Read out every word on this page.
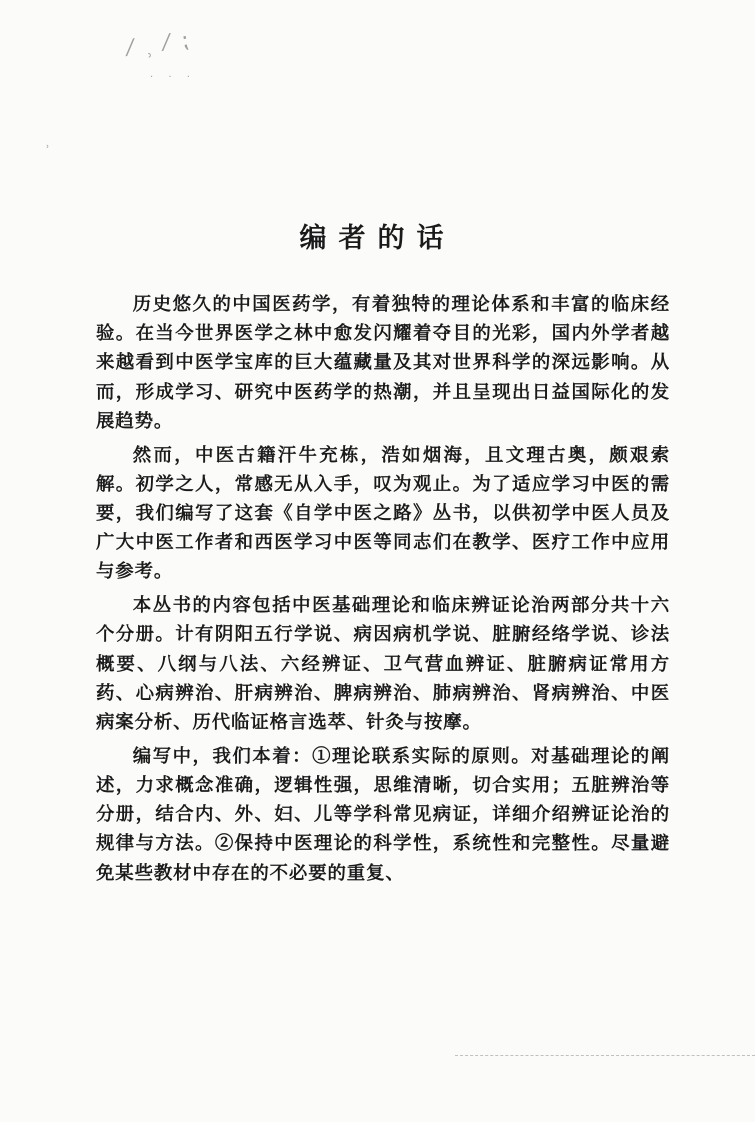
⁄ ⸒ ⁄ ⁏
· · ·
˒
编者的话

历史悠久的中国医药学，有着独特的理论体系和丰富的临床经验。在当今世界医学之林中愈发闪耀着夺目的光彩，国内外学者越来越看到中医学宝库的巨大蕴藏量及其对世界科学的深远影响。从而，形成学习、研究中医药学的热潮，并且呈现出日益国际化的发展趋势。

然而，中医古籍汗牛充栋，浩如烟海，且文理古奥，颇艰索解。初学之人，常感无从入手，叹为观止。为了适应学习中医的需要，我们编写了这套《自学中医之路》丛书，以供初学中医人员及广大中医工作者和西医学习中医等同志们在教学、医疗工作中应用与参考。

本丛书的内容包括中医基础理论和临床辨证论治两部分共十六个分册。计有阴阳五行学说、病因病机学说、脏腑经络学说、诊法概要、八纲与八法、六经辨证、卫气营血辨证、脏腑病证常用方药、心病辨治、肝病辨治、脾病辨治、肺病辨治、肾病辨治、中医病案分析、历代临证格言选萃、针灸与按摩。

编写中，我们本着：①理论联系实际的原则。对基础理论的阐述，力求概念准确，逻辑性强，思维清晰，切合实用；五脏辨治等分册，结合内、外、妇、儿等学科常见病证，详细介绍辨证论治的规律与方法。②保持中医理论的科学性，系统性和完整性。尽量避免某些教材中存在的不必要的重复、
